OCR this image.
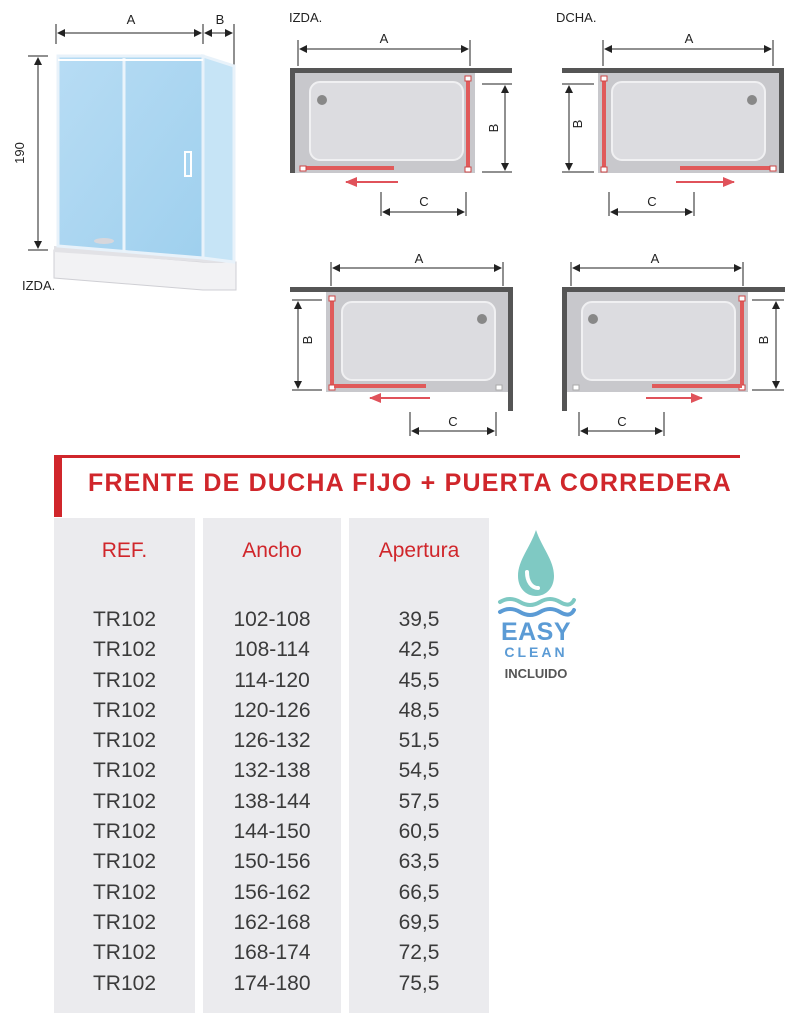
A	B
190
IZDA.
IZDA.
A
B
C
DCHA.
A
B
C
A
B
C
A
B
C
FRENTE DE DUCHA FIJO + PUERTA CORREDERA
REF.
TR102
TR102
TR102
TR102
TR102
TR102
TR102
TR102
TR102
TR102
TR102
TR102
TR102
Ancho
102-108
108-114
114-120
120-126
126-132
132-138
138-144
144-150
150-156
156-162
162-168
168-174
174-180
Apertura
39,5
42,5
45,5
48,5
51,5
54,5
57,5
60,5
63,5
66,5
69,5
72,5
75,5
EASY
CLEAN
INCLUIDO
